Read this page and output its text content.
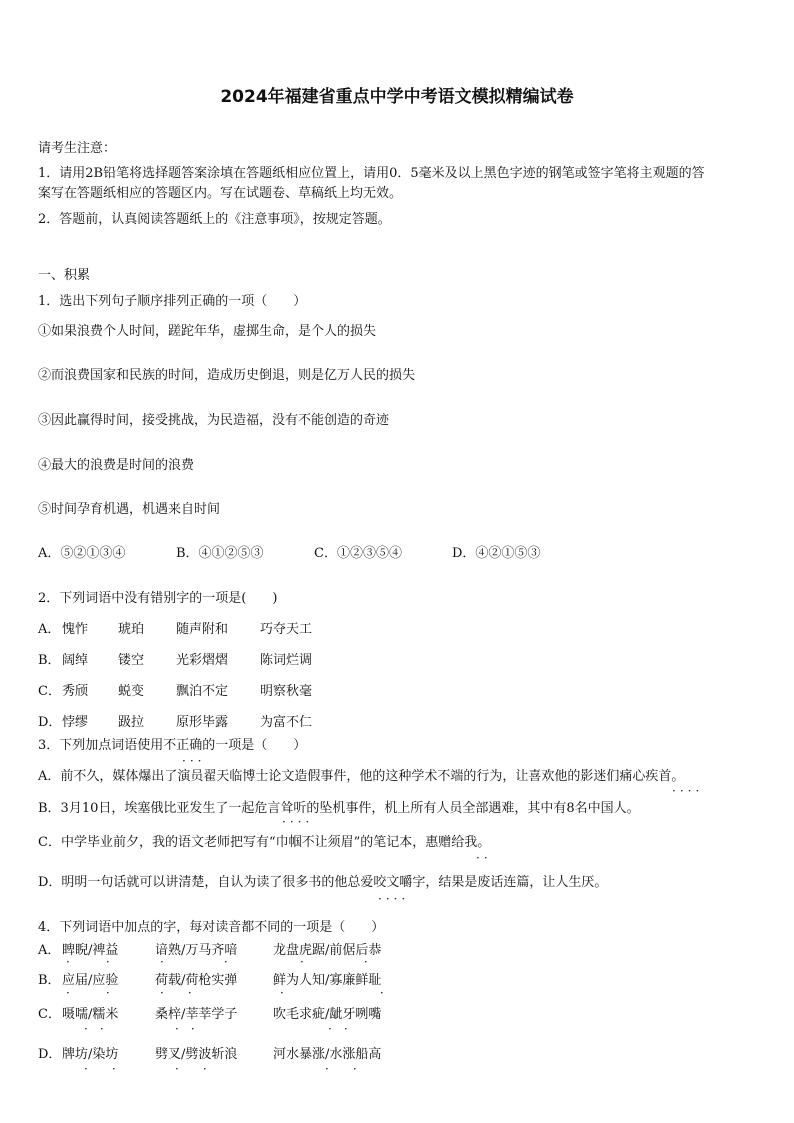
2024年福建省重点中学中考语文模拟精编试卷
请考生注意：
1．请用2B铅笔将选择题答案涂填在答题纸相应位置上，请用0．5毫米及以上黑色字迹的钢笔或签字笔将主观题的答
案写在答题纸相应的答题区内。写在试题卷、草稿纸上均无效。
2．答题前，认真阅读答题纸上的《注意事项》，按规定答题。
一、积累
1．选出下列句子顺序排列正确的一项（　　）
①如果浪费个人时间，蹉跎年华，虚掷生命，是个人的损失
②而浪费国家和民族的时间，造成历史倒退，则是亿万人民的损失
③因此赢得时间，接受挑战，为民造福，没有不能创造的奇迹
④最大的浪费是时间的浪费
⑤时间孕育机遇，机遇来自时间
A．⑤②①③④	B．④①②⑤③	C．①②③⑤④	D．④②①⑤③
2．下列词语中没有错别字的一项是(　　)
A． 愧怍 琥珀 随声附和 巧夺天工
B． 阔绰 镂空 光彩熠熠 陈词烂调
C． 秀颀 蜕变 飘泊不定 明察秋毫
D． 悖缪 趿拉 原形毕露 为富不仁
3．下列加点词语使用不正确的一项是（　　）
···
A．前不久，媒体爆出了演员翟天临博士论文造假事件，他的这种学术不端的行为，让喜欢他的影迷们痛心疾首。
····
B．3月10日，埃塞俄比亚发生了一起危言耸听的坠机事件，机上所有人员全部遇难，其中有8名中国人。
····
C．中学毕业前夕，我的语文老师把写有“巾帼不让须眉”的笔记本，惠赠给我。
··
D．明明一句话就可以讲清楚，自认为读了很多书的他总爱咬文嚼字，结果是废话连篇，让人生厌。
····
4．下列词语中加点的字，每对读音都不同的一项是（　　）
A． 睥睨/裨益	谙熟/万马齐喑	龙盘虎踞/前倨后恭
·　　　·	·　　　　　·	·　　　　　·
B． 应届/应验	荷载/荷枪实弹	鲜为人知/寡廉鲜耻
·　　　·	·　　·	·　　　　　　　　·
C． 嗫嚅/糯米	桑梓/莘莘学子	吹毛求疵/龇牙咧嘴
·　·	·　·	·　·
D． 牌坊/染坊	劈叉/劈波斩浪	河水暴涨/水涨船高
·　　·	·　　·	·　　·
